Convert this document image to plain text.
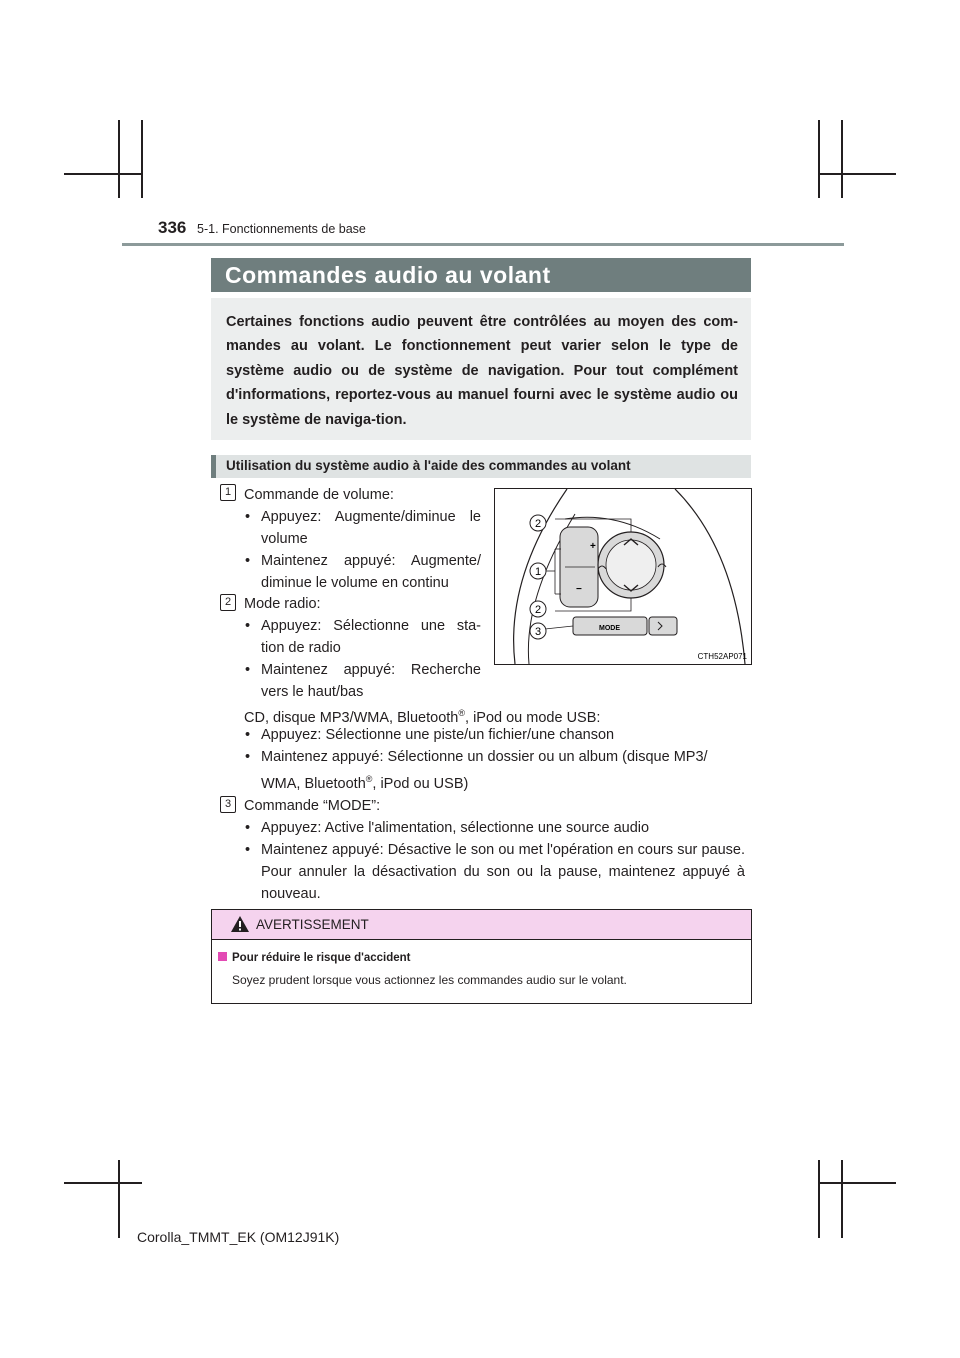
336 5-1. Fonctionnements de base
Commandes audio au volant

Certaines fonctions audio peuvent être contrôlées au moyen des com-mandes au volant. Le fonctionnement peut varier selon le type de système audio ou de système de navigation. Pour tout complément d'informations, reportez-vous au manuel fourni avec le système audio ou le système de naviga-tion.

Utilisation du système audio à l'aide des commandes au volant
1 Commande de volume:
• Appuyez: Augmente/diminue le volume
• Maintenez appuyé: Augmente/ diminue le volume en continu
2 Mode radio:
• Appuyez: Sélectionne une sta-tion de radio
• Maintenez appuyé: Recherche vers le haut/bas
CD, disque MP3/WMA, Bluetooth®, iPod ou mode USB:
• Appuyez: Sélectionne une piste/un fichier/une chanson
• Maintenez appuyé: Sélectionne un dossier ou un album (disque MP3/
WMA, Bluetooth®, iPod ou USB)
3 Commande “MODE”:
• Appuyez: Active l'alimentation, sélectionne une source audio
• Maintenez appuyé: Désactive le son ou met l'opération en cours sur pause. Pour annuler la désactivation du son ou la pause, maintenez appuyé à nouveau.
2
1
2
3
+
−
MODE
CTH52AP071
AVERTISSEMENT
Pour réduire le risque d'accident
Soyez prudent lorsque vous actionnez les commandes audio sur le volant.
Corolla_TMMT_EK (OM12J91K)
